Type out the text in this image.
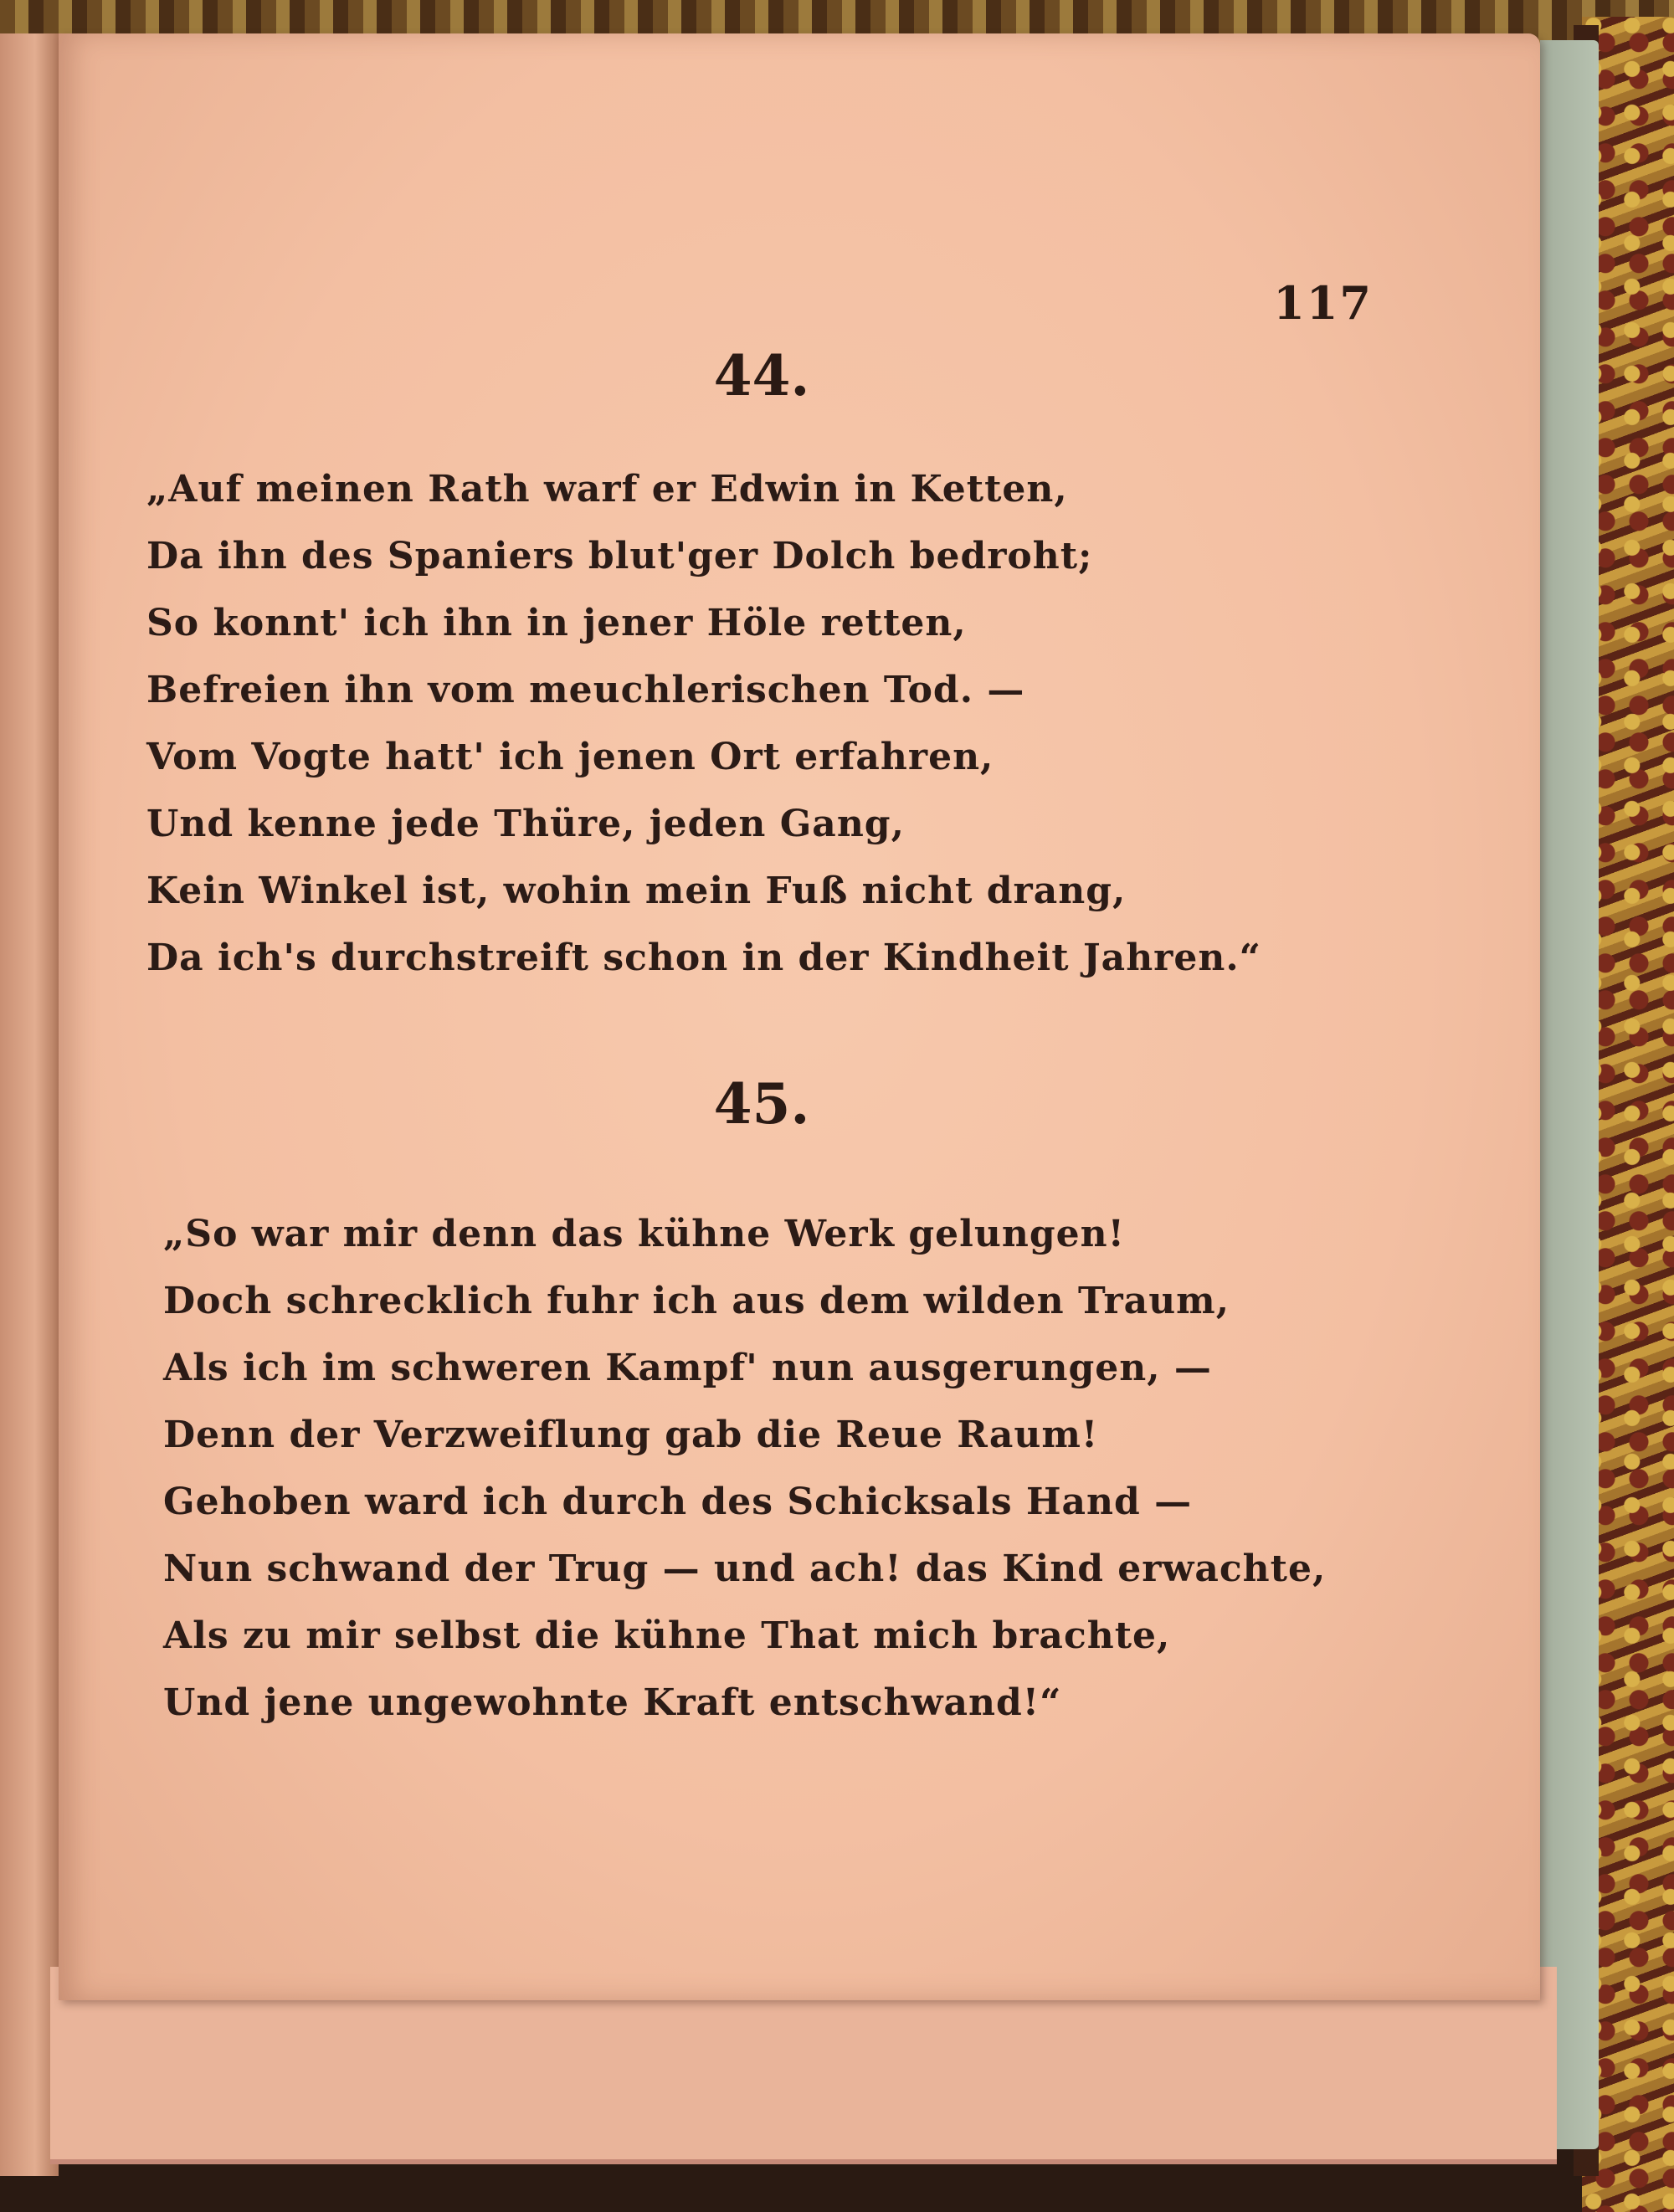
117
44.
„Auf meinen Rath warf er Edwin in Ketten,
Da ihn des Spaniers blut'ger Dolch bedroht;
So konnt' ich ihn in jener Höle retten,
Befreien ihn vom meuchlerischen Tod. —
Vom Vogte hatt' ich jenen Ort erfahren,
Und kenne jede Thüre, jeden Gang,
Kein Winkel ist, wohin mein Fuß nicht drang,
Da ich's durchstreift schon in der Kindheit Jahren.“
45.
„So war mir denn das kühne Werk gelungen!
Doch schrecklich fuhr ich aus dem wilden Traum,
Als ich im schweren Kampf' nun ausgerungen, —
Denn der Verzweiflung gab die Reue Raum!
Gehoben ward ich durch des Schicksals Hand —
Nun schwand der Trug — und ach! das Kind erwachte,
Als zu mir selbst die kühne That mich brachte,
Und jene ungewohnte Kraft entschwand!“
